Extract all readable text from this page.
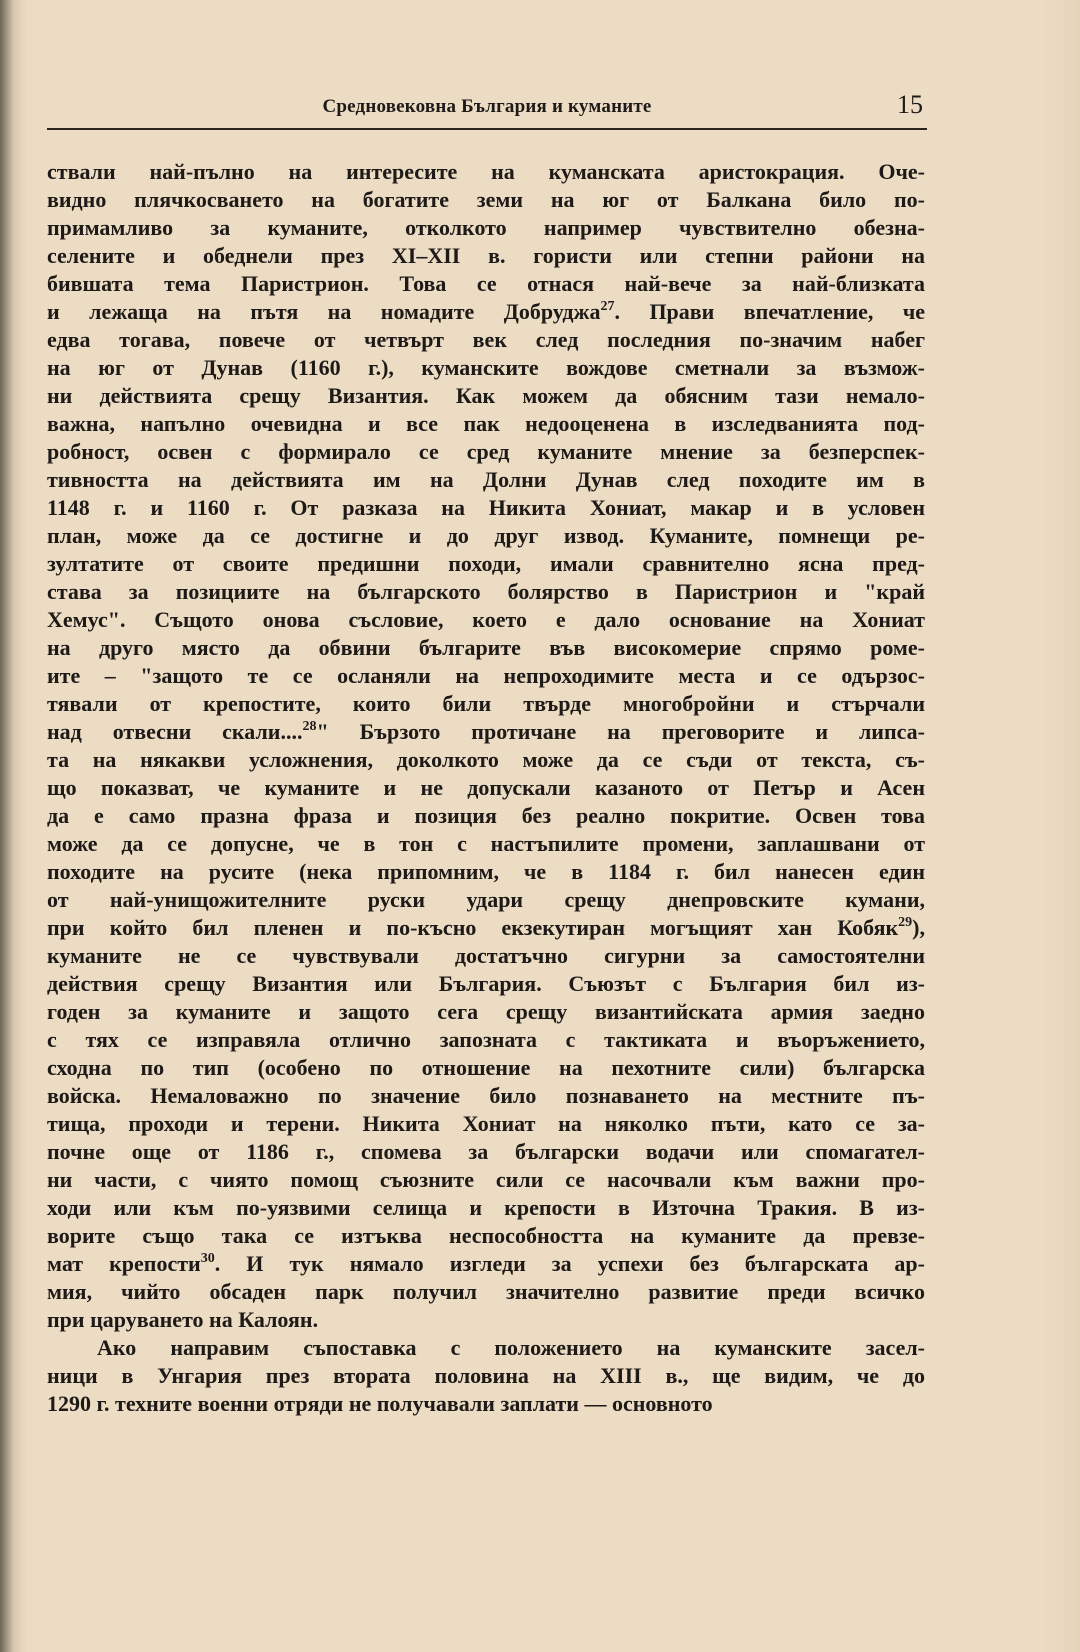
Средновековна България и куманите	15
ствали най-пълно на интересите на куманската аристокрация. Оче-
видно плячкосването на богатите земи на юг от Балкана било по-
примамливо за куманите, отколкото например чувствително обезна-
селените и обеднели през XI–XII в. гористи или степни райони на
бившата тема Паристрион. Това се отнася най-вече за най-близката
и лежаща на пътя на номадите Добруджа$^{27}$. Прави впечатление, че
едва тогава, повече от четвърт век след последния по-значим набег
на юг от Дунав (1160 г.), куманските вождове сметнали за възмож-
ни действията срещу Византия. Как можем да обясним тази немало-
важна, напълно очевидна и все пак недооценена в изследванията под-
робност, освен с формирало се сред куманите мнение за безперспек-
тивността на действията им на Долни Дунав след походите им в
1148 г. и 1160 г. От разказа на Никита Хониат, макар и в условен
план, може да се достигне и до друг извод. Куманите, помнещи ре-
зултатите от своите предишни походи, имали сравнително ясна пред-
става за позициите на българското болярство в Паристрион и "край
Хемус". Същото онова съсловие, което е дало основание на Хониат
на друго място да обвини българите във високомерие спрямо роме-
ите – "защото те се осланяли на непроходимите места и се одързос-
тявали от крепостите, които били твърде многобройни и стърчали
над отвесни скали....$^{28}$" Бързото протичане на преговорите и липса-
та на някакви усложнения, доколкото може да се съди от текста, съ-
що показват, че куманите и не допускали казаното от Петър и Асен
да е само празна фраза и позиция без реално покритие. Освен това
може да се допусне, че в тон с настъпилите промени, заплашвани от
походите на русите (нека припомним, че в 1184 г. бил нанесен един
от най-унищожителните руски удари срещу днепровските кумани,
при който бил пленен и по-късно екзекутиран могъщият хан Кобяк$^{29}$),
куманите не се чувствували достатъчно сигурни за самостоятелни
действия срещу Византия или България. Съюзът с България бил из-
годен за куманите и защото сега срещу византийската армия заедно
с тях се изправяла отлично запозната с тактиката и въоръжението,
сходна по тип (особено по отношение на пехотните сили) българска
войска. Немаловажно по значение било познаването на местните пъ-
тища, проходи и терени. Никита Хониат на няколко пъти, като се за-
почне още от 1186 г., спомева за български водачи или спомагател-
ни части, с чиято помощ съюзните сили се насочвали към важни про-
ходи или към по-уязвими селища и крепости в Източна Тракия. В из-
ворите също така се изтъква неспособността на куманите да превзе-
мат крепости$^{30}$. И тук нямало изгледи за успехи без българската ар-
мия, чийто обсаден парк получил значително развитие преди всичко
при царуването на Калоян.
Ако направим съпоставка с положението на куманските засел-
ници в Унгария през втората половина на XIII в., ще видим, че до
1290 г. техните военни отряди не получавали заплати — основното
